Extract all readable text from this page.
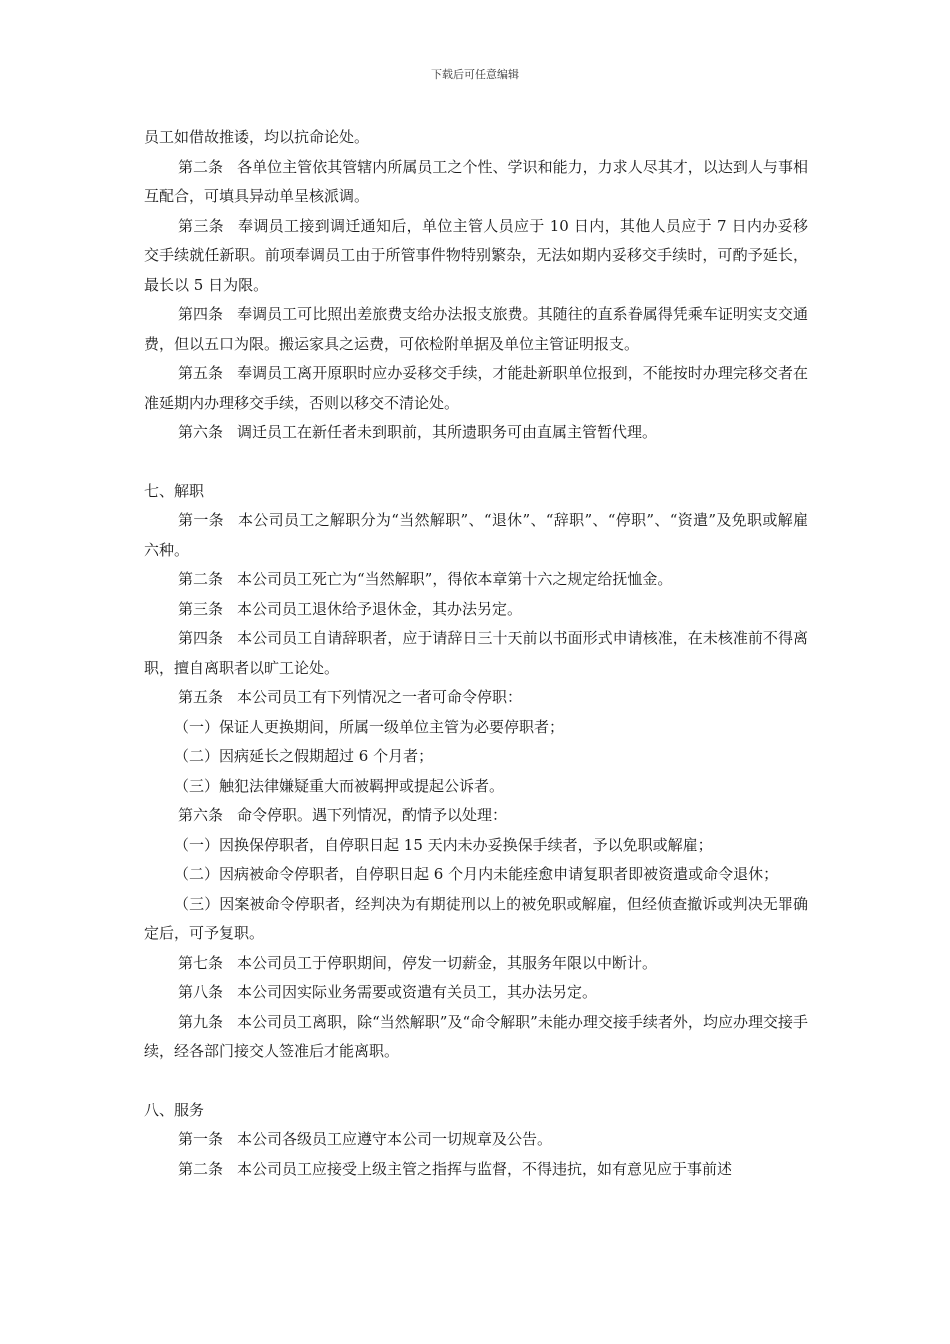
下载后可任意编辑
员工如借故推诿，均以抗命论处。
第二条 各单位主管依其管辖内所属员工之个性、学识和能力，力求人尽其才，以达到人与事相互配合，可填具异动单呈核派调。
第三条 奉调员工接到调迁通知后，单位主管人员应于 10 日内，其他人员应于 7 日内办妥移交手续就任新职。前项奉调员工由于所管事件物特别繁杂，无法如期内妥移交手续时，可酌予延长，最长以 5 日为限。
第四条 奉调员工可比照出差旅费支给办法报支旅费。其随往的直系眷属得凭乘车证明实支交通费，但以五口为限。搬运家具之运费，可依检附单据及单位主管证明报支。
第五条 奉调员工离开原职时应办妥移交手续，才能赴新职单位报到，不能按时办理完移交者在准延期内办理移交手续，否则以移交不清论处。
第六条 调迁员工在新任者未到职前，其所遗职务可由直属主管暂代理。
七、解职
第一条 本公司员工之解职分为“当然解职”、“退休”、“辞职”、“停职”、“资遣”及免职或解雇六种。
第二条 本公司员工死亡为“当然解职”，得依本章第十六之规定给抚恤金。
第三条 本公司员工退休给予退休金，其办法另定。
第四条 本公司员工自请辞职者，应于请辞日三十天前以书面形式申请核准，在未核准前不得离职，擅自离职者以旷工论处。
第五条 本公司员工有下列情况之一者可命令停职：
（一）保证人更换期间，所属一级单位主管为必要停职者；
（二）因病延长之假期超过 6 个月者；
（三）触犯法律嫌疑重大而被羁押或提起公诉者。
第六条 命令停职。遇下列情况，酌情予以处理：
（一）因换保停职者，自停职日起 15 天内未办妥换保手续者，予以免职或解雇；
（二）因病被命令停职者，自停职日起 6 个月内未能痊愈申请复职者即被资遣或命令退休；
（三）因案被命令停职者，经判决为有期徒刑以上的被免职或解雇，但经侦查撤诉或判决无罪确定后，可予复职。
第七条 本公司员工于停职期间，停发一切薪金，其服务年限以中断计。
第八条 本公司因实际业务需要或资遣有关员工，其办法另定。
第九条 本公司员工离职，除“当然解职”及“命令解职”未能办理交接手续者外，均应办理交接手续，经各部门接交人签准后才能离职。
八、服务
第一条 本公司各级员工应遵守本公司一切规章及公告。
第二条 本公司员工应接受上级主管之指挥与监督，不得违抗，如有意见应于事前述
